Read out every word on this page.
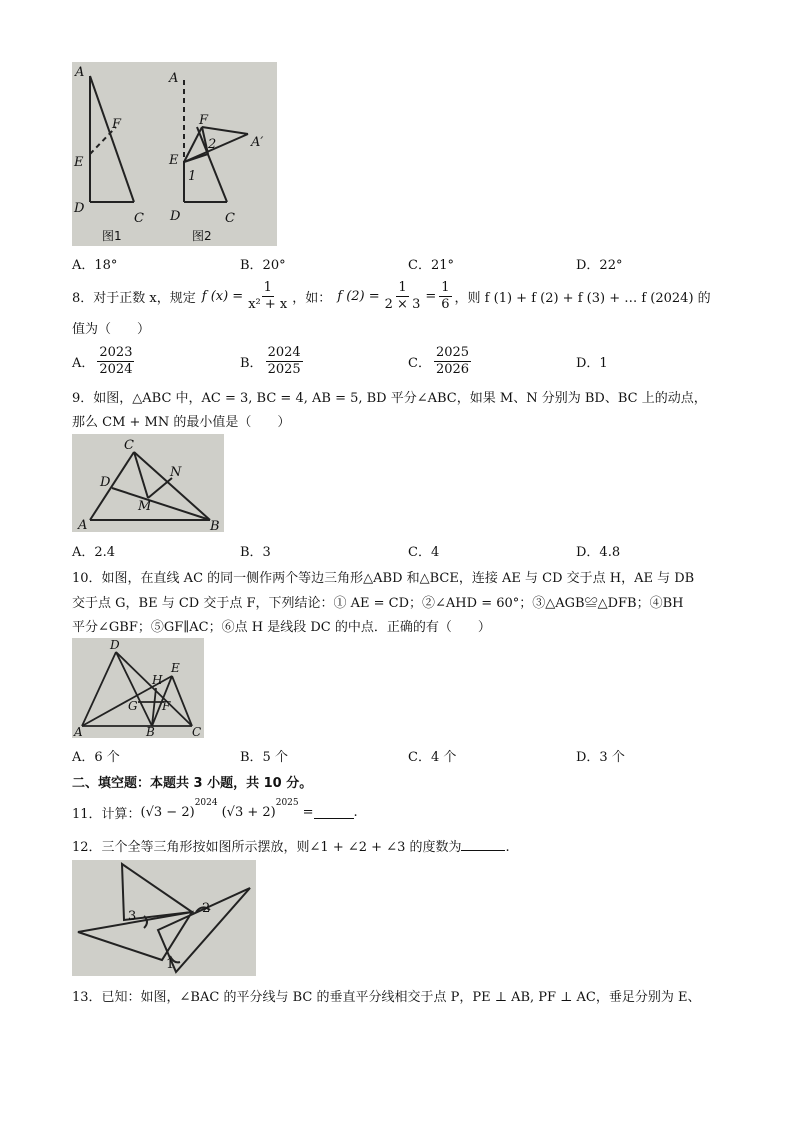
A
F
E
D
C
A
F
E
D	C
A′
1
2
图1	图2
A．18°	B．20°	C．21°	D．22°
8．对于正数 x，规定 f $(x) = \frac{1}{\text{x² + x}}$ ，如： f $(2) = \frac{1}{2 \times 3} = \frac{1}{6}$ ，则 f (1) + f (2) + f (3) + … f (2024) 的
值为（　　）
A． $\frac{2023}{2024}$	B． $\frac{2024}{2025}$	C． $\frac{2025}{2026}$	D．1
9．如图，△ABC 中，AC = 3, BC = 4, AB = 5, BD 平分∠ABC，如果 M、N 分别为 BD、BC 上的动点，
那么 CM + MN 的最小值是（　　）
C
N
D
M
A	B
A．2.4	B．3	C．4	D．4.8
10．如图，在直线 AC 的同一侧作两个等边三角形△ABD 和△BCE，连接 AE 与 CD 交于点 H，AE 与 DB
交于点 G，BE 与 CD 交于点 F，下列结论：① AE = CD；②∠AHD = 60°；③△AGB≌△DFB；④BH
平分∠GBF；⑤GF∥AC；⑥点 H 是线段 DC 的中点．正确的有（　　）
D
E
H
G F
A	B	C
A．6 个	B．5 个	C．4 个	D．3 个
二、填空题：本题共 3 小题，共 10 分。
11．计算： (√3 − 2)
$^{2024}$
(√3 + 2)
$^{2025}$
=	.
12．三个全等三角形按如图所示摆放，则∠1 + ∠2 + ∠3 的度数为	.
3
2
1
13．已知：如图，∠BAC 的平分线与 BC 的垂直平分线相交于点 P，PE ⊥ AB, PF ⊥ AC，垂足分别为 E、
